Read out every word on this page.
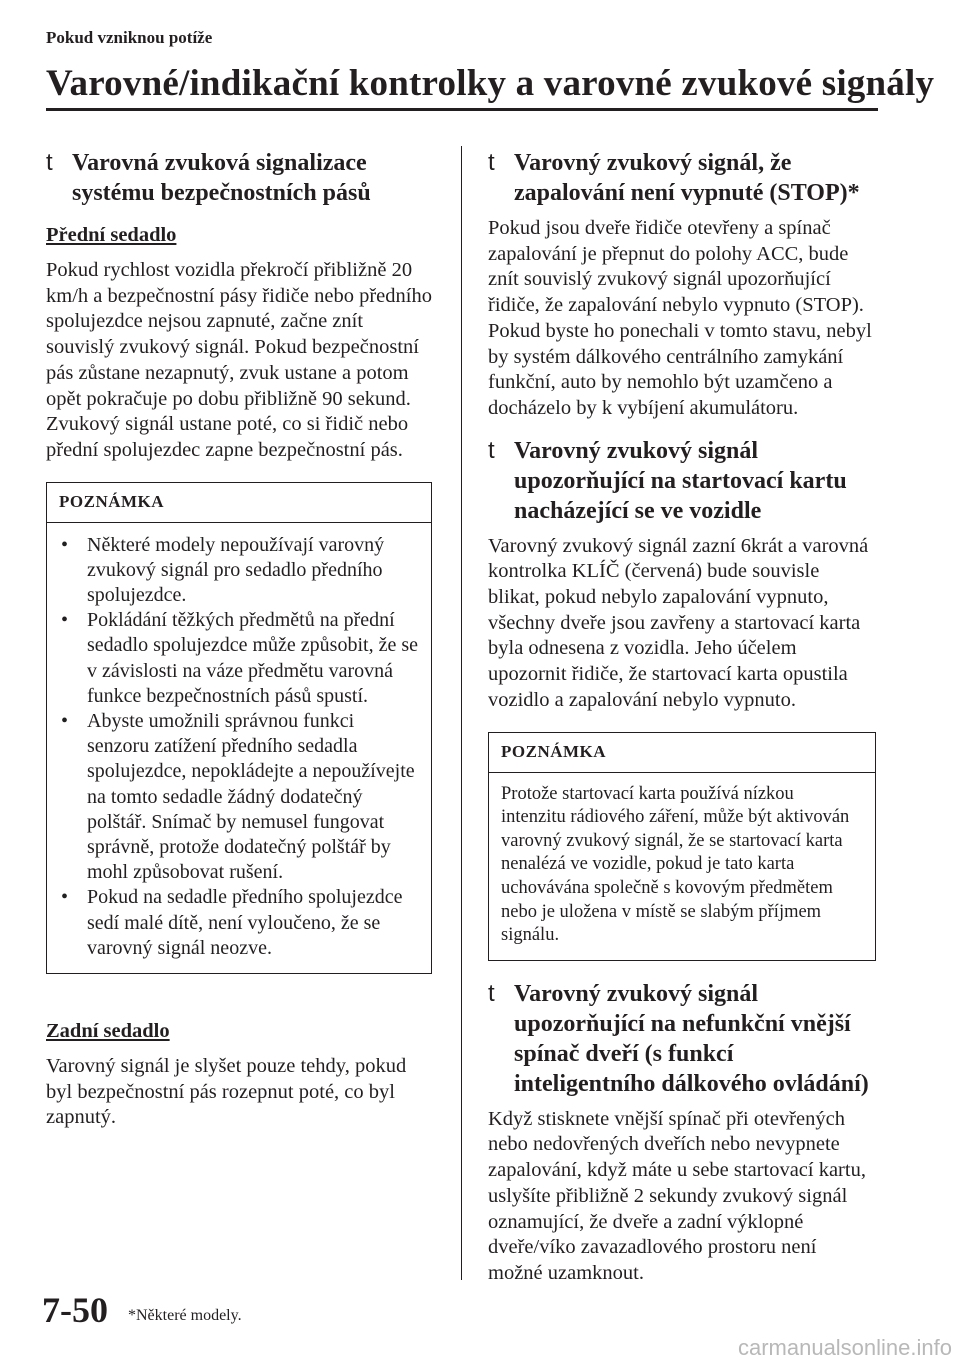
Pokud vzniknou potíže
Varovné/indikační kontrolky a varovné zvukové signály
t Varovná zvuková signalizace systému bezpečnostních pásů
Přední sedadlo

Pokud rychlost vozidla překročí přibližně 20 km/h a bezpečnostní pásy řidiče nebo předního spolujezdce nejsou zapnuté, začne znít souvislý zvukový signál. Pokud bezpečnostní pás zůstane nezapnutý, zvuk ustane a potom opět pokračuje po dobu přibližně 90 sekund. Zvukový signál ustane poté, co si řidič nebo přední spolujezdec zapne bezpečnostní pás.

POZNÁMKA
• Některé modely nepoužívají varovný zvukový signál pro sedadlo předního spolujezdce.
• Pokládání těžkých předmětů na přední sedadlo spolujezdce může způsobit, že se v závislosti na váze předmětu varovná funkce bezpečnostních pásů spustí.
• Abyste umožnili správnou funkci senzoru zatížení předního sedadla spolujezdce, nepokládejte a nepoužívejte na tomto sedadle žádný dodatečný polštář. Snímač by nemusel fungovat správně, protože dodatečný polštář by mohl způsobovat rušení.
• Pokud na sedadle předního spolujezdce sedí malé dítě, není vyloučeno, že se varovný signál neozve.
Zadní sedadlo

Varovný signál je slyšet pouze tehdy, pokud byl bezpečnostní pás rozepnut poté, co byl zapnutý.

t Varovný zvukový signál, že zapalování není vypnuté (STOP)*

Pokud jsou dveře řidiče otevřeny a spínač zapalování je přepnut do polohy ACC, bude znít souvislý zvukový signál upozorňující řidiče, že zapalování nebylo vypnuto (STOP). Pokud byste ho ponechali v tomto stavu, nebyl by systém dálkového centrálního zamykání funkční, auto by nemohlo být uzamčeno a docházelo by k vybíjení akumulátoru.

t Varovný zvukový signál upozorňující na startovací kartu nacházející se ve vozidle

Varovný zvukový signál zazní 6krát a varovná kontrolka KLÍČ (červená) bude souvisle blikat, pokud nebylo zapalování vypnuto, všechny dveře jsou zavřeny a startovací karta byla odnesena z vozidla. Jeho účelem upozornit řidiče, že startovací karta opustila vozidlo a zapalování nebylo vypnuto.

POZNÁMKA

Protože startovací karta používá nízkou intenzitu rádiového záření, může být aktivován varovný zvukový signál, že se startovací karta nenalézá ve vozidle, pokud je tato karta uchovávána společně s kovovým předmětem nebo je uložena v místě se slabým příjmem signálu.

t Varovný zvukový signál upozorňující na nefunkční vnější spínač dveří (s funkcí inteligentního dálkového ovládání)

Když stisknete vnější spínač při otevřených nebo nedovřených dveřích nebo nevypnete zapalování, když máte u sebe startovací kartu, uslyšíte přibližně 2 sekundy zvukový signál oznamující, že dveře a zadní výklopné dveře/víko zavazadlového prostoru není možné uzamknout.

7-50 *Některé modely.
carmanualsonline.info
